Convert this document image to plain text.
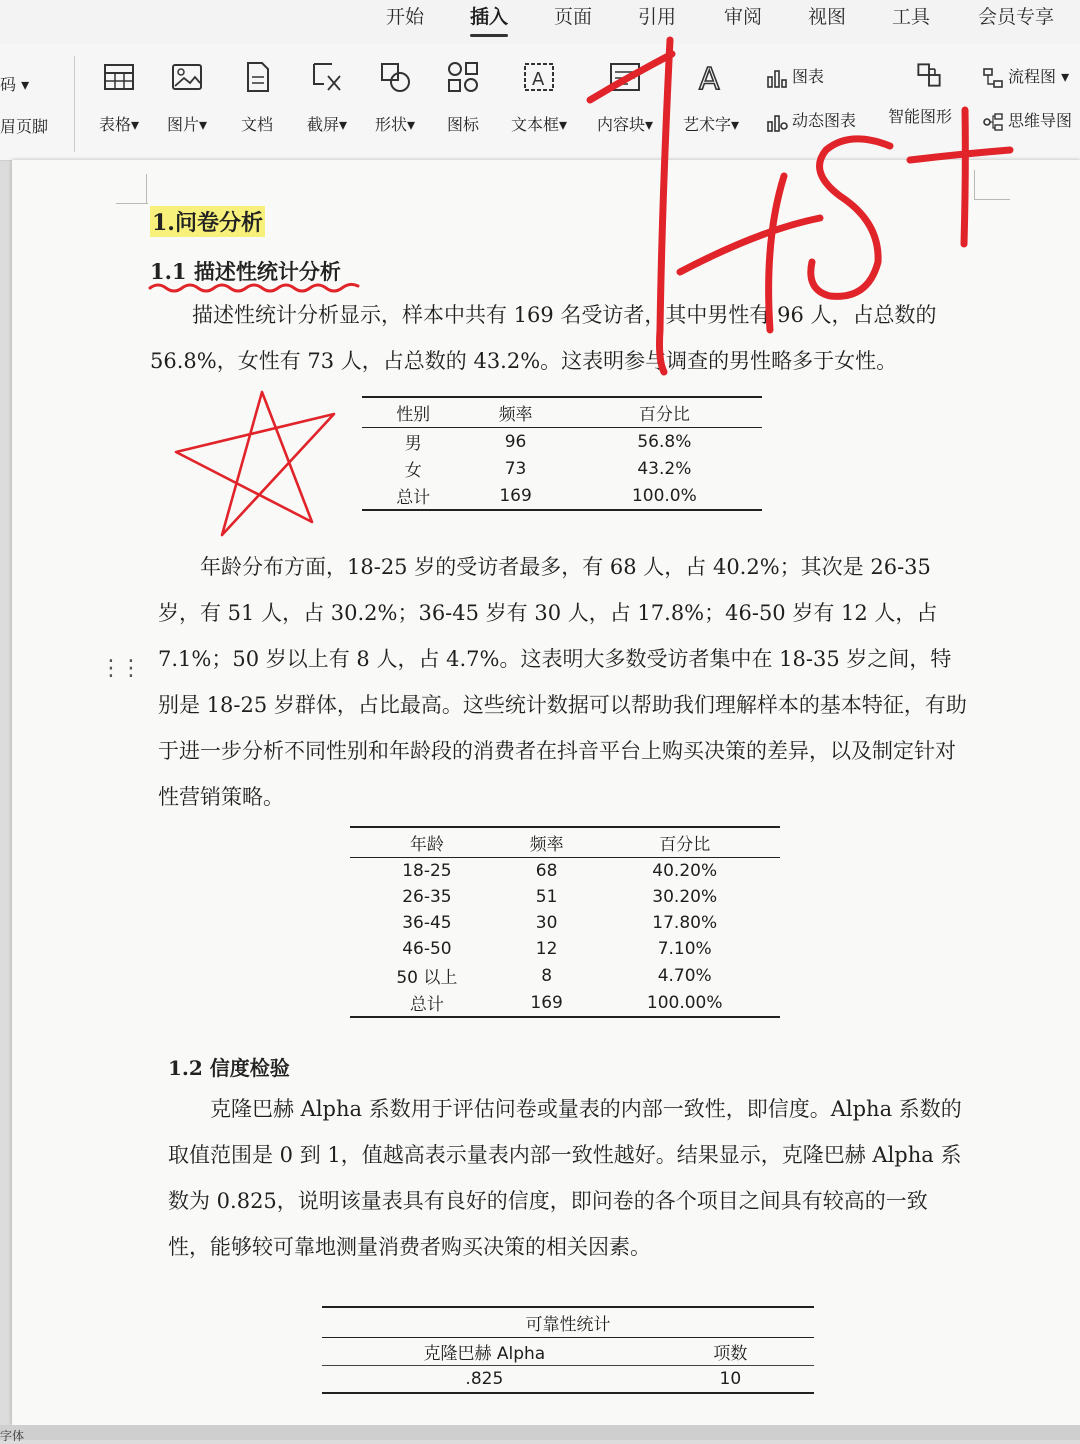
开始 插入 页面 引用	审阅 视图 工具	会员专享
码 ▾
眉页脚	表格▾	图片▾	文档	截屏▾	形状▾	图标
A
文本框▾	内容块▾
A
艺术字▾
图表
动态图表 智能图形
流程图 ▾
思维导图
1.问卷分析
1.1 描述性统计分析
描述性统计分析显示，样本中共有 169 名受访者，其中男性有 96 人，占总数的 56.8%，女性有 73 人，占总数的 43.2%。这表明参与调查的男性略多于女性。
性别	频率	百分比
男	96	56.8%
女	73	43.2%
总计	169	100.0%
⋮⋮
年龄分布方面，18-25 岁的受访者最多，有 68 人，占 40.2%；其次是 26-35 岁，有 51 人，占 30.2%；36-45 岁有 30 人，占 17.8%；46-50 岁有 12 人，占 7.1%；50 岁以上有 8 人，占 4.7%。这表明大多数受访者集中在 18-35 岁之间，特别是 18-25 岁群体，占比最高。这些统计数据可以帮助我们理解样本的基本特征，有助于进一步分析不同性别和年龄段的消费者在抖音平台上购买决策的差异，以及制定针对性营销策略。
年龄	频率	百分比
18-25	68	40.20%
26-35	51	30.20%
36-45	30	17.80%
46-50	12	7.10%
50 以上	8	4.70%
总计	169	100.00%
1.2 信度检验
克隆巴赫 Alpha 系数用于评估问卷或量表的内部一致性，即信度。Alpha 系数的取值范围是 0 到 1，值越高表示量表内部一致性越好。结果显示，克隆巴赫 Alpha 系数为 0.825，说明该量表具有良好的信度，即问卷的各个项目之间具有较高的一致性，能够较可靠地测量消费者购买决策的相关因素。
可靠性统计	
克隆巴赫 Alpha	项数
.825	10
字体
